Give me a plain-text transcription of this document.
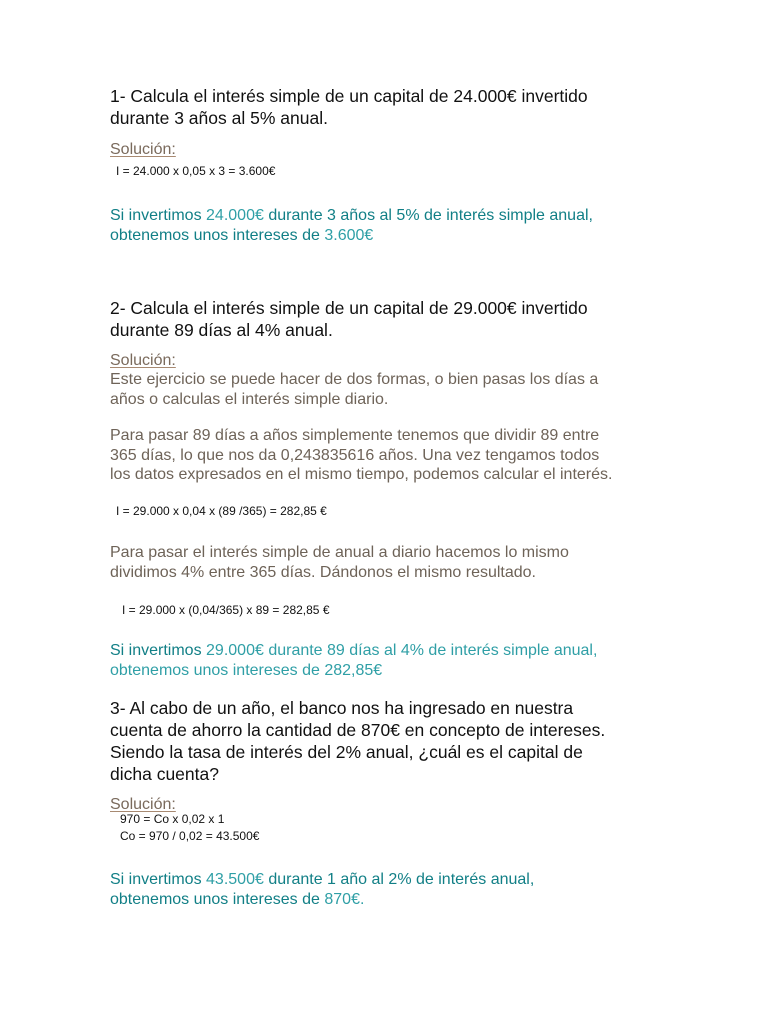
1- Calcula el interés simple de un capital de 24.000€ invertido
durante 3 años al 5% anual.

Solución:

I = 24.000 x 0,05 x 3 = 3.600€

Si invertimos 24.000€ durante 3 años al 5% de interés simple anual,
obtenemos unos intereses de 3.600€

2- Calcula el interés simple de un capital de 29.000€ invertido
durante 89 días al 4% anual.

Solución:

Este ejercicio se puede hacer de dos formas, o bien pasas los días a
años o calculas el interés simple diario.

Para pasar 89 días a años simplemente tenemos que dividir 89 entre
365 días, lo que nos da 0,243835616 años. Una vez tengamos todos
los datos expresados en el mismo tiempo, podemos calcular el interés.

I = 29.000 x 0,04 x (89 /365) = 282,85 €

Para pasar el interés simple de anual a diario hacemos lo mismo
dividimos 4% entre 365 días. Dándonos el mismo resultado.

I = 29.000 x (0,04/365) x 89 = 282,85 €

Si invertimos 29.000€ durante 89 días al 4% de interés simple anual,
obtenemos unos intereses de 282,85€

3- Al cabo de un año, el banco nos ha ingresado en nuestra
cuenta de ahorro la cantidad de 870€ en concepto de intereses.
Siendo la tasa de interés del 2% anual, ¿cuál es el capital de
dicha cuenta?

Solución:

970 = Co x 0,02 x 1
Co = 970 / 0,02 = 43.500€

Si invertimos 43.500€ durante 1 año al 2% de interés anual,
obtenemos unos intereses de 870€.
